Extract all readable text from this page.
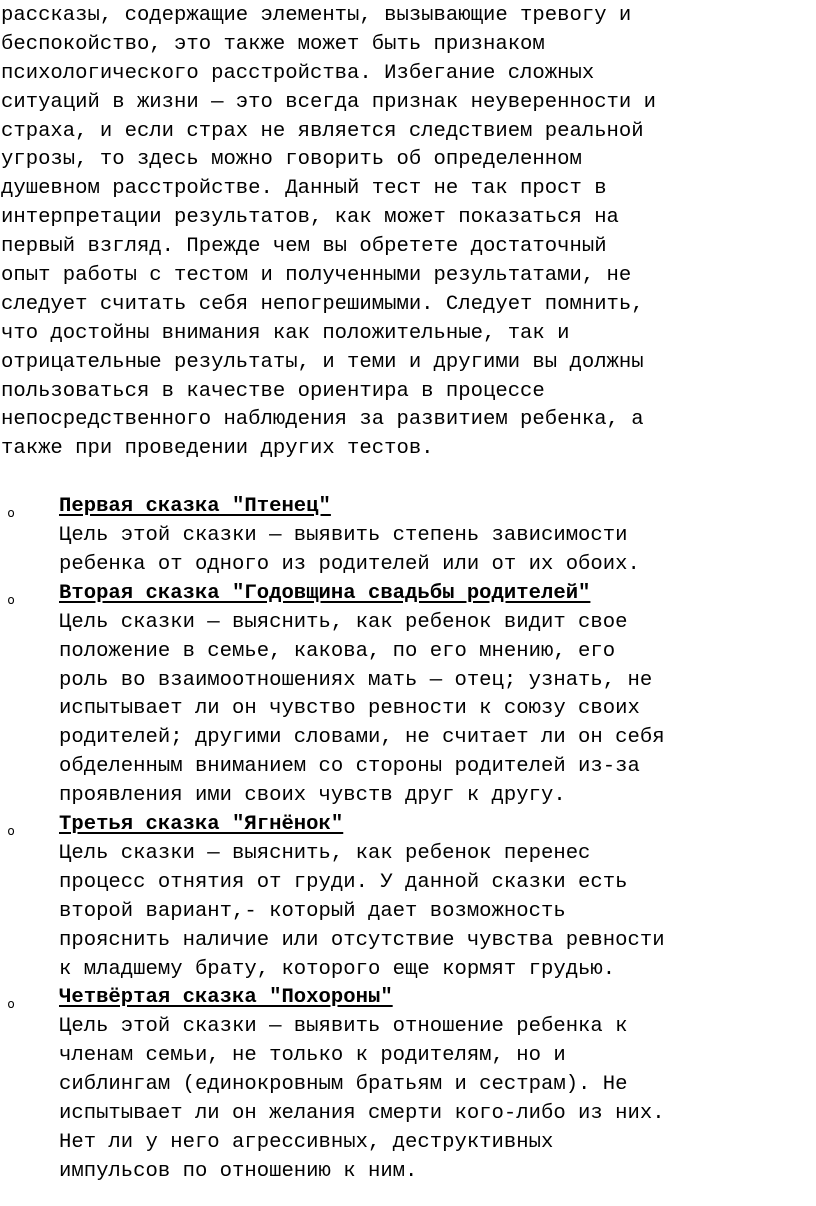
рассказы, содержащие элементы, вызывающие тревогу и
беспокойство, это также может быть признаком
психологического расстройства. Избегание сложных
ситуаций в жизни — это всегда признак неуверенности и
страха, и если страх не является следствием реальной
угрозы, то здесь можно говорить об определенном
душевном расстройстве. Данный тест не так прост в
интерпретации результатов, как может показаться на
первый взгляд. Прежде чем вы обретете достаточный
опыт работы с тестом и полученными результатами, не
следует считать себя непогрешимыми. Следует помнить,
что достойны внимания как положительные, так и
отрицательные результаты, и теми и другими вы должны
пользоваться в качестве ориентира в процессе
непосредственного наблюдения за развитием ребенка, а
также при проведении других тестов.
o	Первая сказка "Птенец"
Цель этой сказки — выявить степень зависимости
ребенка от одного из родителей или от их обоих.
o	Вторая сказка "Годовщина свадьбы родителей"
Цель сказки — выяснить, как ребенок видит свое
положение в семье, какова, по его мнению, его
роль во взаимоотношениях мать — отец; узнать, не
испытывает ли он чувство ревности к союзу своих
родителей; другими словами, не считает ли он себя
обделенным вниманием со стороны родителей из-за
проявления ими своих чувств друг к другу.
o	Третья сказка "Ягнёнок"
Цель сказки — выяснить, как ребенок перенес
процесс отнятия от груди. У данной сказки есть
второй вариант,- который дает возможность
прояснить наличие или отсутствие чувства ревности
к младшему брату, которого еще кормят грудью.
o	Четвёртая сказка "Похороны"
Цель этой сказки — выявить отношение ребенка к
членам семьи, не только к родителям, но и
сиблингам (единокровным братьям и сестрам). Не
испытывает ли он желания смерти кого-либо из них.
Нет ли у него агрессивных, деструктивных
импульсов по отношению к ним.
